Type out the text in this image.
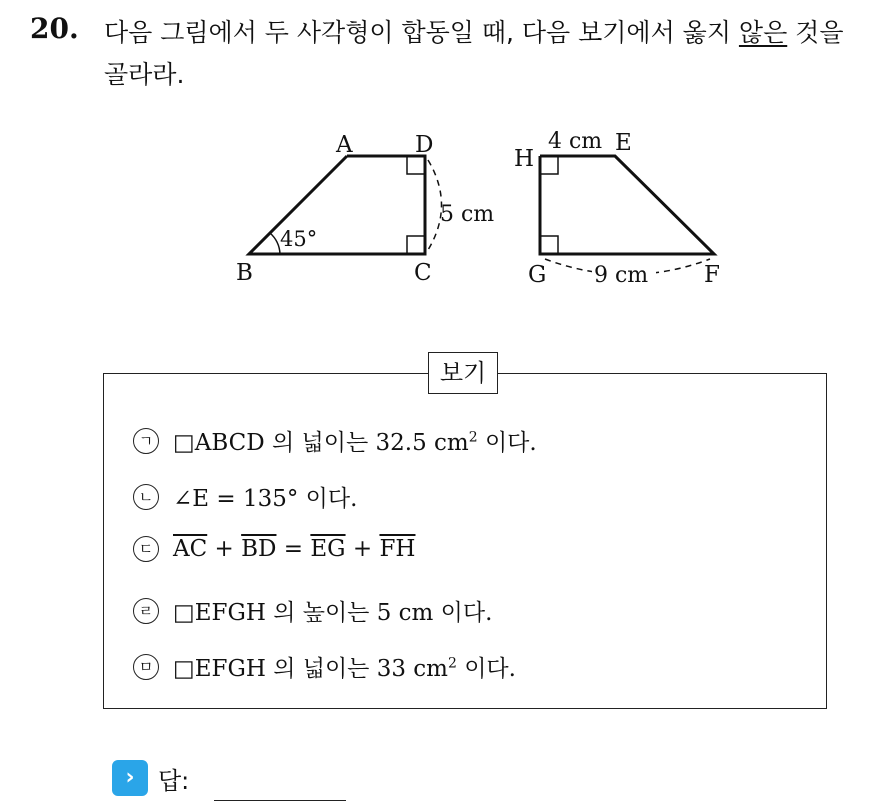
20. 다음 그림에서 두 사각형이 합동일 때, 다음 보기에서 옳지 않은 것을 골라라.
A	D
B	C
45°
5 cm
H
E
4 cm
G	F
9 cm
보기
ㄱ □ABCD 의 넓이는 32.5 $cm^2$ 이다.
ㄴ ∠E = 135° 이다.
ㄷ $\overline{AC} + \overline{BD} = \overline{EG} + \overline{FH}$
ㄹ □EFGH 의 높이는 5 cm 이다.
ㅁ □EFGH 의 넓이는 33 $cm^2$ 이다.
› 답:
